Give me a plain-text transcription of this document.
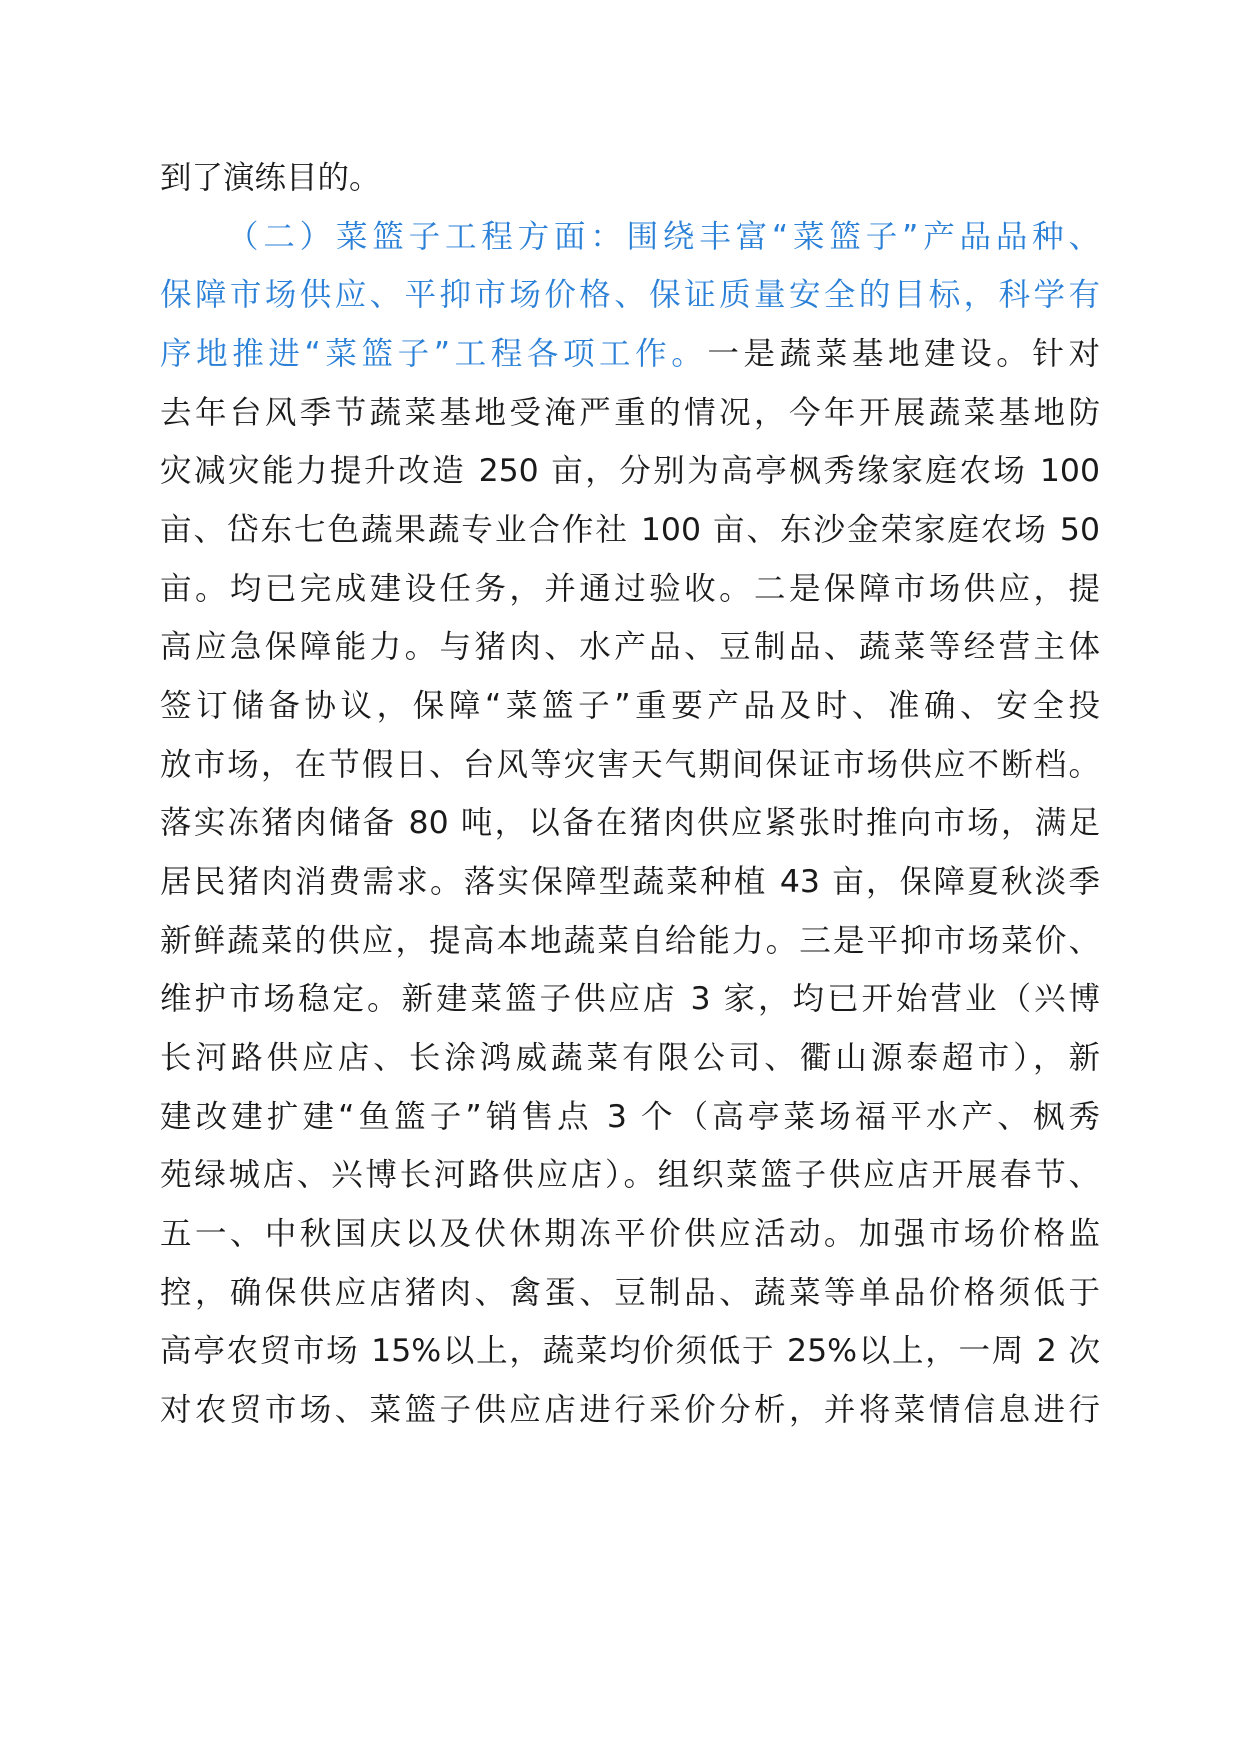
到了演练目的。
（二）菜篮子工程方面：围绕丰富“菜篮子”产品品种、
保障市场供应、平抑市场价格、保证质量安全的目标，科学有
序地推进“菜篮子”工程各项工作。一是蔬菜基地建设。针对
去年台风季节蔬菜基地受淹严重的情况，今年开展蔬菜基地防
灾减灾能力提升改造 250 亩，分别为高亭枫秀缘家庭农场 100
亩、岱东七色蔬果蔬专业合作社 100 亩、东沙金荣家庭农场 50
亩。均已完成建设任务，并通过验收。二是保障市场供应，提
高应急保障能力。与猪肉、水产品、豆制品、蔬菜等经营主体
签订储备协议，保障“菜篮子”重要产品及时、准确、安全投
放市场，在节假日、台风等灾害天气期间保证市场供应不断档。
落实冻猪肉储备 80 吨，以备在猪肉供应紧张时推向市场，满足
居民猪肉消费需求。落实保障型蔬菜种植 43 亩，保障夏秋淡季
新鲜蔬菜的供应，提高本地蔬菜自给能力。三是平抑市场菜价、
维护市场稳定。新建菜篮子供应店 3 家，均已开始营业（兴博
长河路供应店、长涂鸿威蔬菜有限公司、衢山源泰超市），新
建改建扩建“鱼篮子”销售点 3 个（高亭菜场福平水产、枫秀
苑绿城店、兴博长河路供应店）。组织菜篮子供应店开展春节、
五一、中秋国庆以及伏休期冻平价供应活动。加强市场价格监
控，确保供应店猪肉、禽蛋、豆制品、蔬菜等单品价格须低于
高亭农贸市场 15%以上，蔬菜均价须低于 25%以上，一周 2 次
对农贸市场、菜篮子供应店进行采价分析，并将菜情信息进行
